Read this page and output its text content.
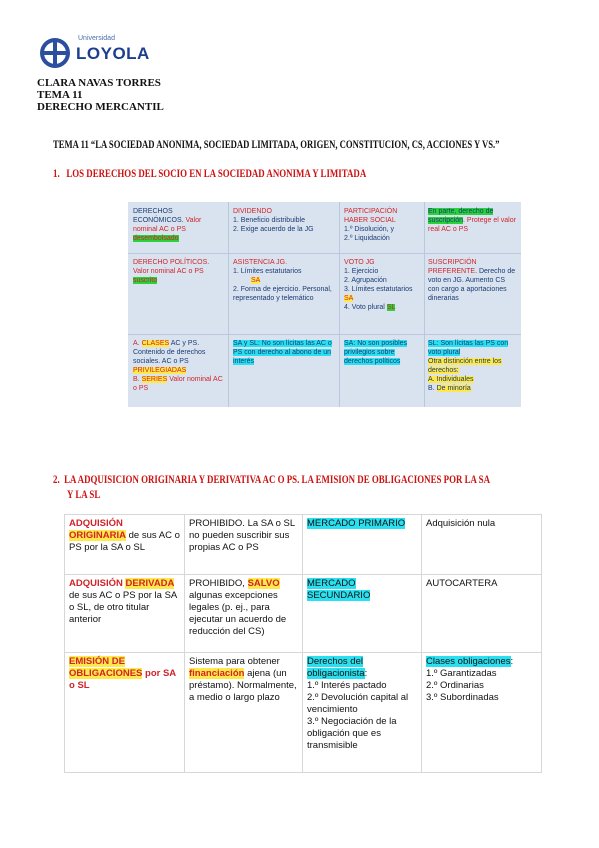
Universidad
LOYOLA
CLARA NAVAS TORRES
TEMA 11
DERECHO MERCANTIL
TEMA 11 “LA SOCIEDAD ANONIMA, SOCIEDAD LIMITADA, ORIGEN, CONSTITUCION, CS, ACCIONES Y VS.”
1. LOS DERECHOS DEL SOCIO EN LA SOCIEDAD ANONIMA Y LIMITADA
DERECHOS ECONÓMICOS. Valor nominal AC o PS desembolsado
DIVIDENDO
1. Beneficio distribuible
2. Exige acuerdo de la JG
PARTICIPACIÓN HABER SOCIAL
1.º Disolución, y
2.º Liquidación
En parte, derecho de suscripción. Protege el valor real AC o PS
DERECHO POLÍTICOS. Valor nominal AC o PS suscrito
ASISTENCIA JG.
1. Límites estatutarios
SA
2. Forma de ejercicio. Personal, representado y telemático
VOTO JG
1. Ejercicio
2. Agrupación
3. Límites estatutarios SA
4. Voto plural SL
SUSCRIPCIÓN PREFERENTE. Derecho de voto en JG. Aumento CS con cargo a aportaciones dinerarias
A. CLASES AC y PS. Contenido de derechos sociales. AC o PS PRIVILEGIADAS
B. SERIES Valor nominal AC o PS
SA y SL: No son lícitas las AC o PS con derecho al abono de un interés
SA: No son posibles privilegios sobre derechos políticos
SL: Son lícitas las PS con voto plural
Otra distinción entre los derechos:
A. Individuales
B. De minoría
2. LA ADQUISICION ORIGINARIA Y DERIVATIVA AC O PS. LA EMISION DE OBLIGACIONES POR LA SA
Y LA SL
ADQUISIÓN ORIGINARIA de sus AC o PS por la SA o SL
PROHIBIDO. La SA o SL no pueden suscribir sus propias AC o PS
MERCADO PRIMARIO	Adquisición nula
ADQUISIÓN DERIVADA de sus AC o PS por la SA o SL, de otro titular anterior
PROHIBIDO, SALVO algunas excepciones legales (p. ej., para ejecutar un acuerdo de reducción del CS)
MERCADO
SECUNDARIO
AUTOCARTERA
EMISIÓN DE OBLIGACIONES por SA o SL
Sistema para obtener financiación ajena (un préstamo). Normalmente, a medio o largo plazo
Derechos del obligacionista:
1.º Interés pactado
2.º Devolución capital al vencimiento
3.º Negociación de la obligación que es transmisible
Clases obligaciones:
1.º Garantizadas
2.º Ordinarias
3.º Subordinadas
